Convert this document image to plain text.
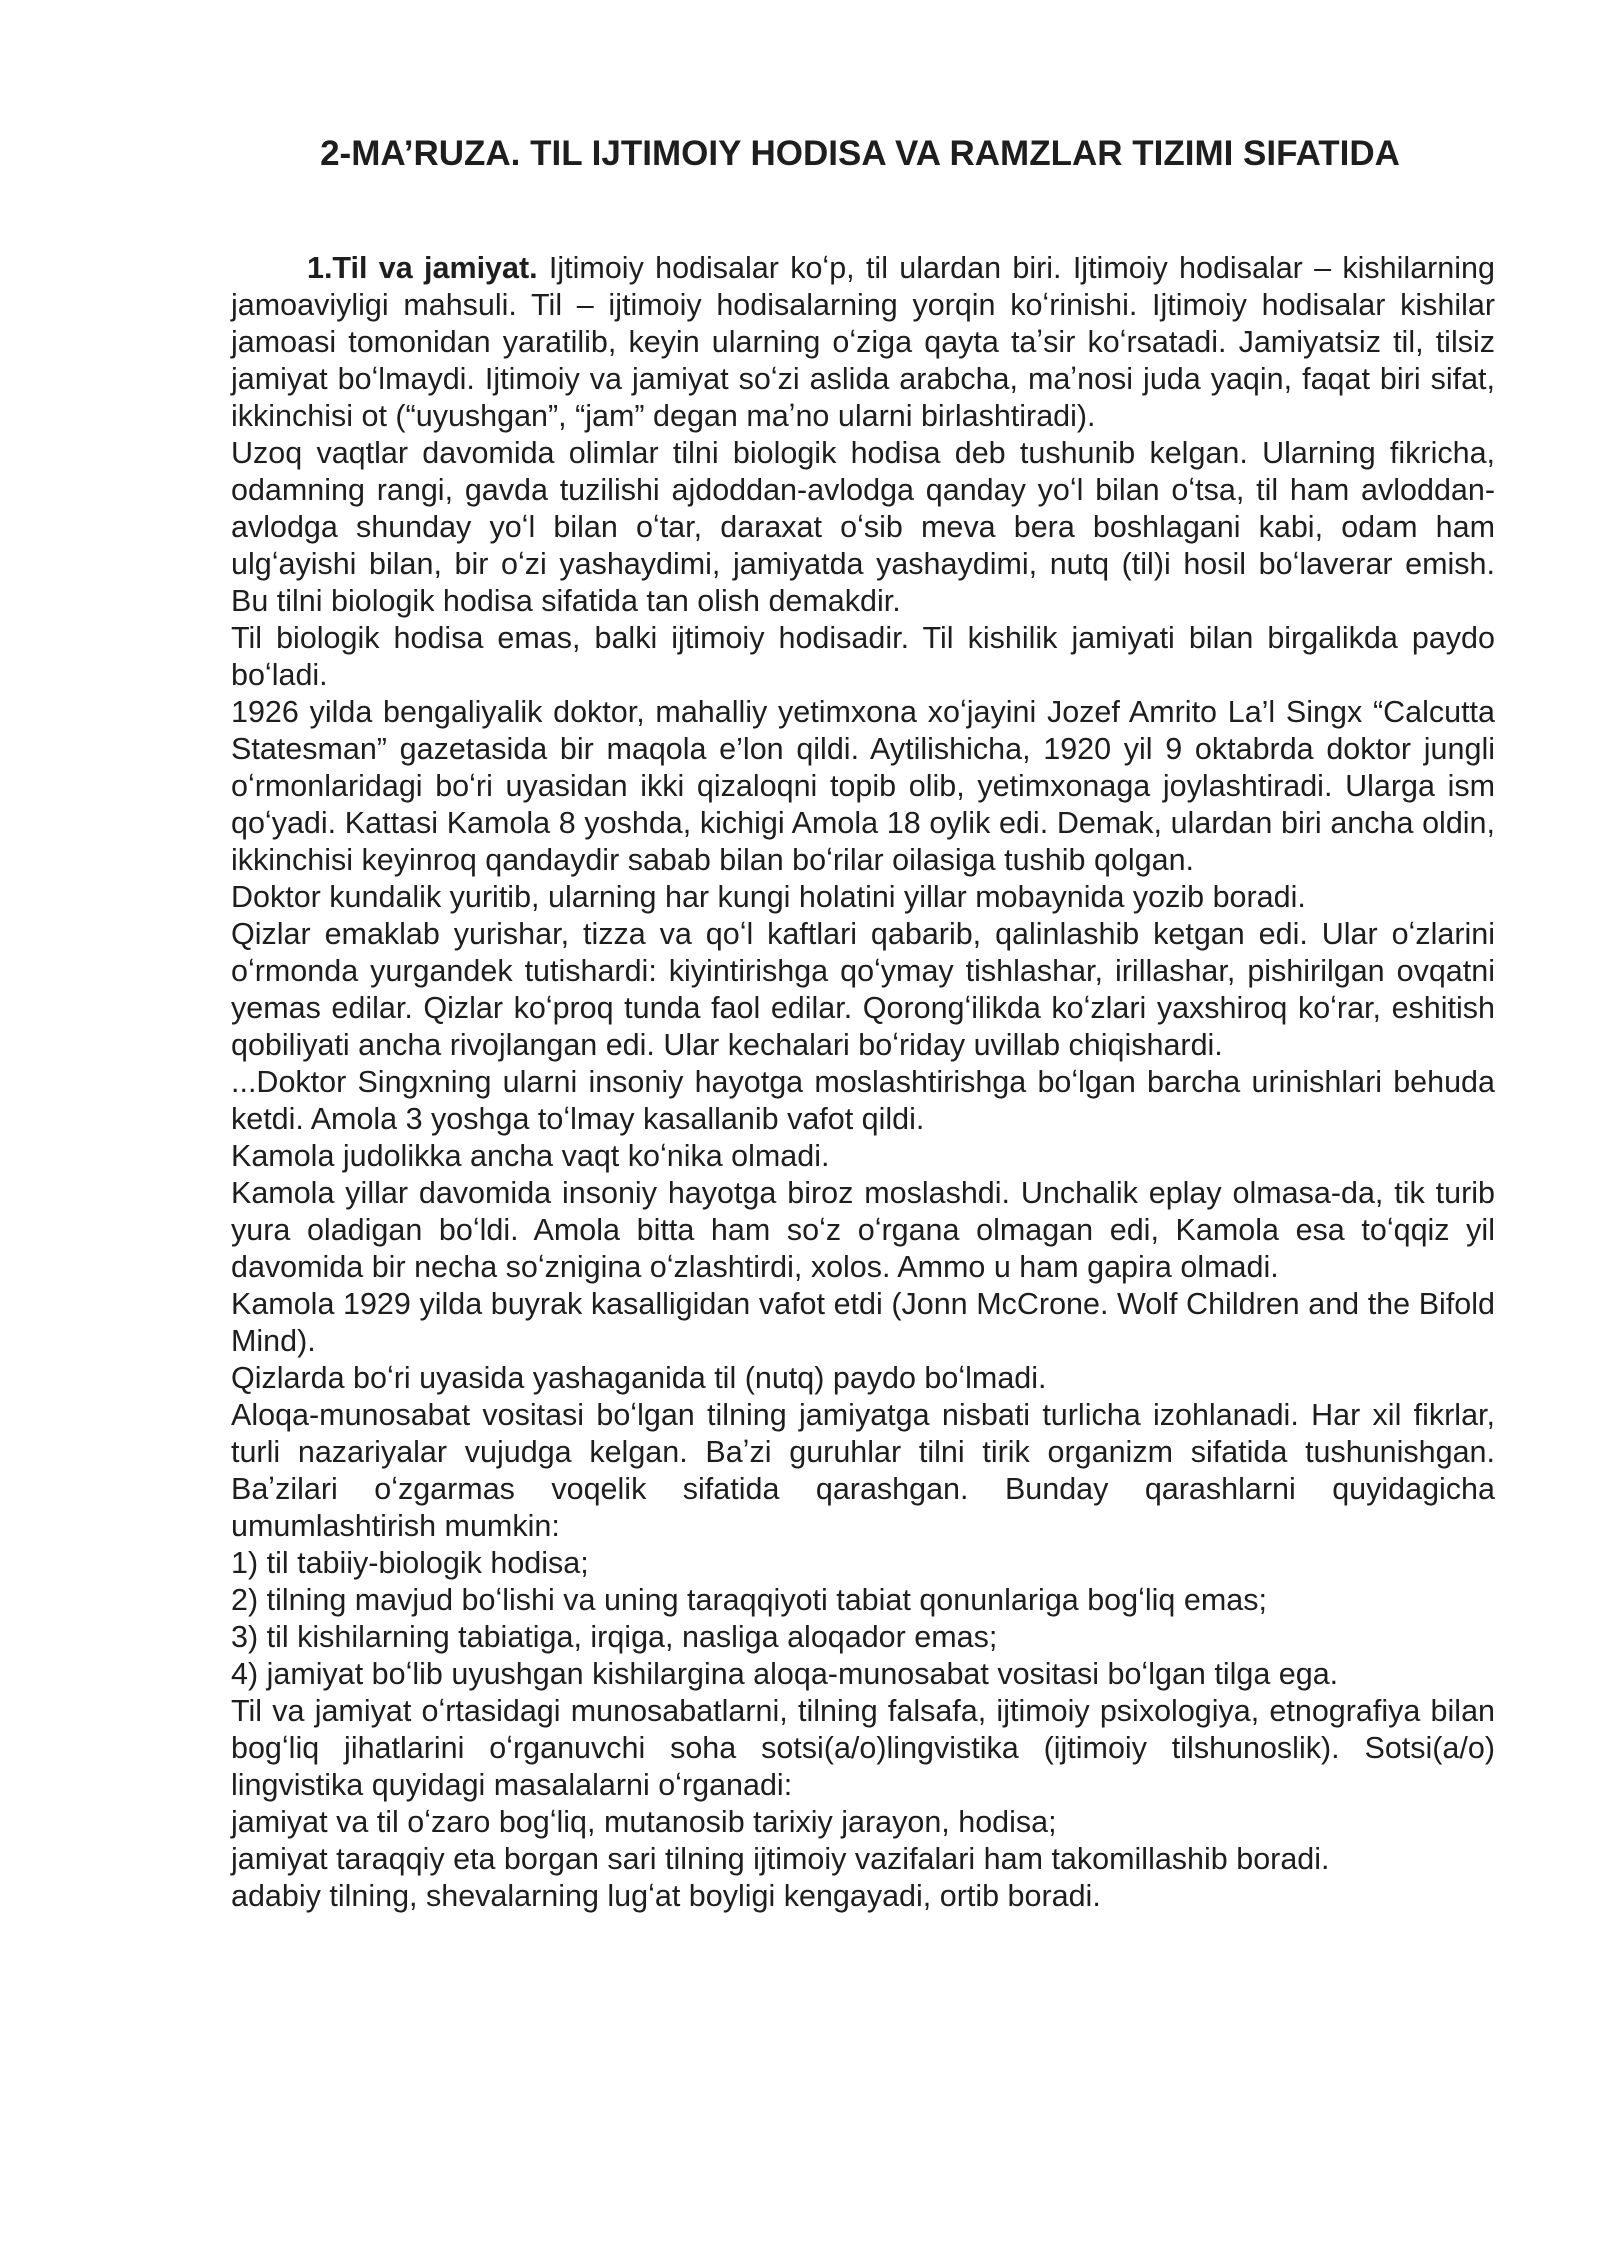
2-MA’RUZA. TIL IJTIMOIY HODISA VA RAMZLAR TIZIMI SIFATIDA

1.Til va jamiyat. Ijtimoiy hodisalar koʻp, til ulardan biri. Ijtimoiy hodisalar – kishilarning jamoaviyligi mahsuli. Til – ijtimoiy hodisalarning yorqin koʻrinishi. Ijtimoiy hodisalar kishilar jamoasi tomonidan yaratilib, keyin ularning oʻziga qayta taʼsir koʻrsatadi. Jamiyatsiz til, tilsiz jamiyat boʻlmaydi. Ijtimoiy va jamiyat soʻzi aslida arabcha, maʼnosi juda yaqin, faqat biri sifat, ikkinchisi ot (“uyushgan”, “jam” degan maʼno ularni birlashtiradi).

Uzoq vaqtlar davomida olimlar tilni biologik hodisa deb tushunib kelgan. Ularning fikricha, odamning rangi, gavda tuzilishi ajdoddan-avlodga qanday yoʻl bilan oʻtsa, til ham avloddan-avlodga shunday yoʻl bilan oʻtar, daraxat oʻsib meva bera boshlagani kabi, odam ham ulgʻayishi bilan, bir oʻzi yashaydimi, jamiyatda yashaydimi, nutq (til)i hosil boʻlaverar emish. Bu tilni biologik hodisa sifatida tan olish demakdir.

Til biologik hodisa emas, balki ijtimoiy hodisadir. Til kishilik jamiyati bilan birgalikda paydo boʻladi.

1926 yilda bengaliyalik doktor, mahalliy yetimxona xoʻjayini Jozef Amrito La’l Singx “Calcutta Statesman” gazetasida bir maqola e’lon qildi. Aytilishicha, 1920 yil 9 oktabrda doktor jungli oʻrmonlaridagi boʻri uyasidan ikki qizaloqni topib olib, yetimxonaga joylashtiradi. Ularga ism qoʻyadi. Kattasi Kamola 8 yoshda, kichigi Amola 18 oylik edi. Demak, ulardan biri ancha oldin, ikkinchisi keyinroq qandaydir sabab bilan boʻrilar oilasiga tushib qolgan.

Doktor kundalik yuritib, ularning har kungi holatini yillar mobaynida yozib boradi.

Qizlar emaklab yurishar, tizza va qoʻl kaftlari qabarib, qalinlashib ketgan edi. Ular oʻzlarini oʻrmonda yurgandek tutishardi: kiyintirishga qoʻymay tishlashar, irillashar, pishirilgan ovqatni yemas edilar. Qizlar koʻproq tunda faol edilar. Qorongʻilikda koʻzlari yaxshiroq koʻrar, eshitish qobiliyati ancha rivojlangan edi. Ular kechalari boʻriday uvillab chiqishardi.

...Doktor Singxning ularni insoniy hayotga moslashtirishga boʻlgan barcha urinishlari behuda ketdi. Amola 3 yoshga toʻlmay kasallanib vafot qildi.

Kamola judolikka ancha vaqt koʻnika olmadi.

Kamola yillar davomida insoniy hayotga biroz moslashdi. Unchalik eplay olmasa-da, tik turib yura oladigan boʻldi. Amola bitta ham soʻz oʻrgana olmagan edi, Kamola esa toʻqqiz yil davomida bir necha soʻznigina oʻzlashtirdi, xolos. Ammo u ham gapira olmadi.

Kamola 1929 yilda buyrak kasalligidan vafot etdi (Jonn McCrone. Wolf Children and the Bifold Mind).

Qizlarda boʻri uyasida yashaganida til (nutq) paydo boʻlmadi.

Aloqa-munosabat vositasi boʻlgan tilning jamiyatga nisbati turlicha izohlanadi. Har xil fikrlar, turli nazariyalar vujudga kelgan. Baʼzi guruhlar tilni tirik organizm sifatida tushunishgan. Baʼzilari oʻzgarmas voqelik sifatida qarashgan. Bunday qarashlarni quyidagicha umumlashtirish mumkin:

1) til tabiiy-biologik hodisa;

2) tilning mavjud boʻlishi va uning taraqqiyoti tabiat qonunlariga bogʻliq emas;

3) til kishilarning tabiatiga, irqiga, nasliga aloqador emas;

4) jamiyat boʻlib uyushgan kishilargina aloqa-munosabat vositasi boʻlgan tilga ega.

Til va jamiyat oʻrtasidagi munosabatlarni, tilning falsafa, ijtimoiy psixologiya, etnografiya bilan bogʻliq jihatlarini oʻrganuvchi soha sotsi(a/o)lingvistika (ijtimoiy tilshunoslik). Sotsi(a/o) lingvistika quyidagi masalalarni oʻrganadi:

jamiyat va til oʻzaro bogʻliq, mutanosib tarixiy jarayon, hodisa;

jamiyat taraqqiy eta borgan sari tilning ijtimoiy vazifalari ham takomillashib boradi.

adabiy tilning, shevalarning lugʻat boyligi kengayadi, ortib boradi.
